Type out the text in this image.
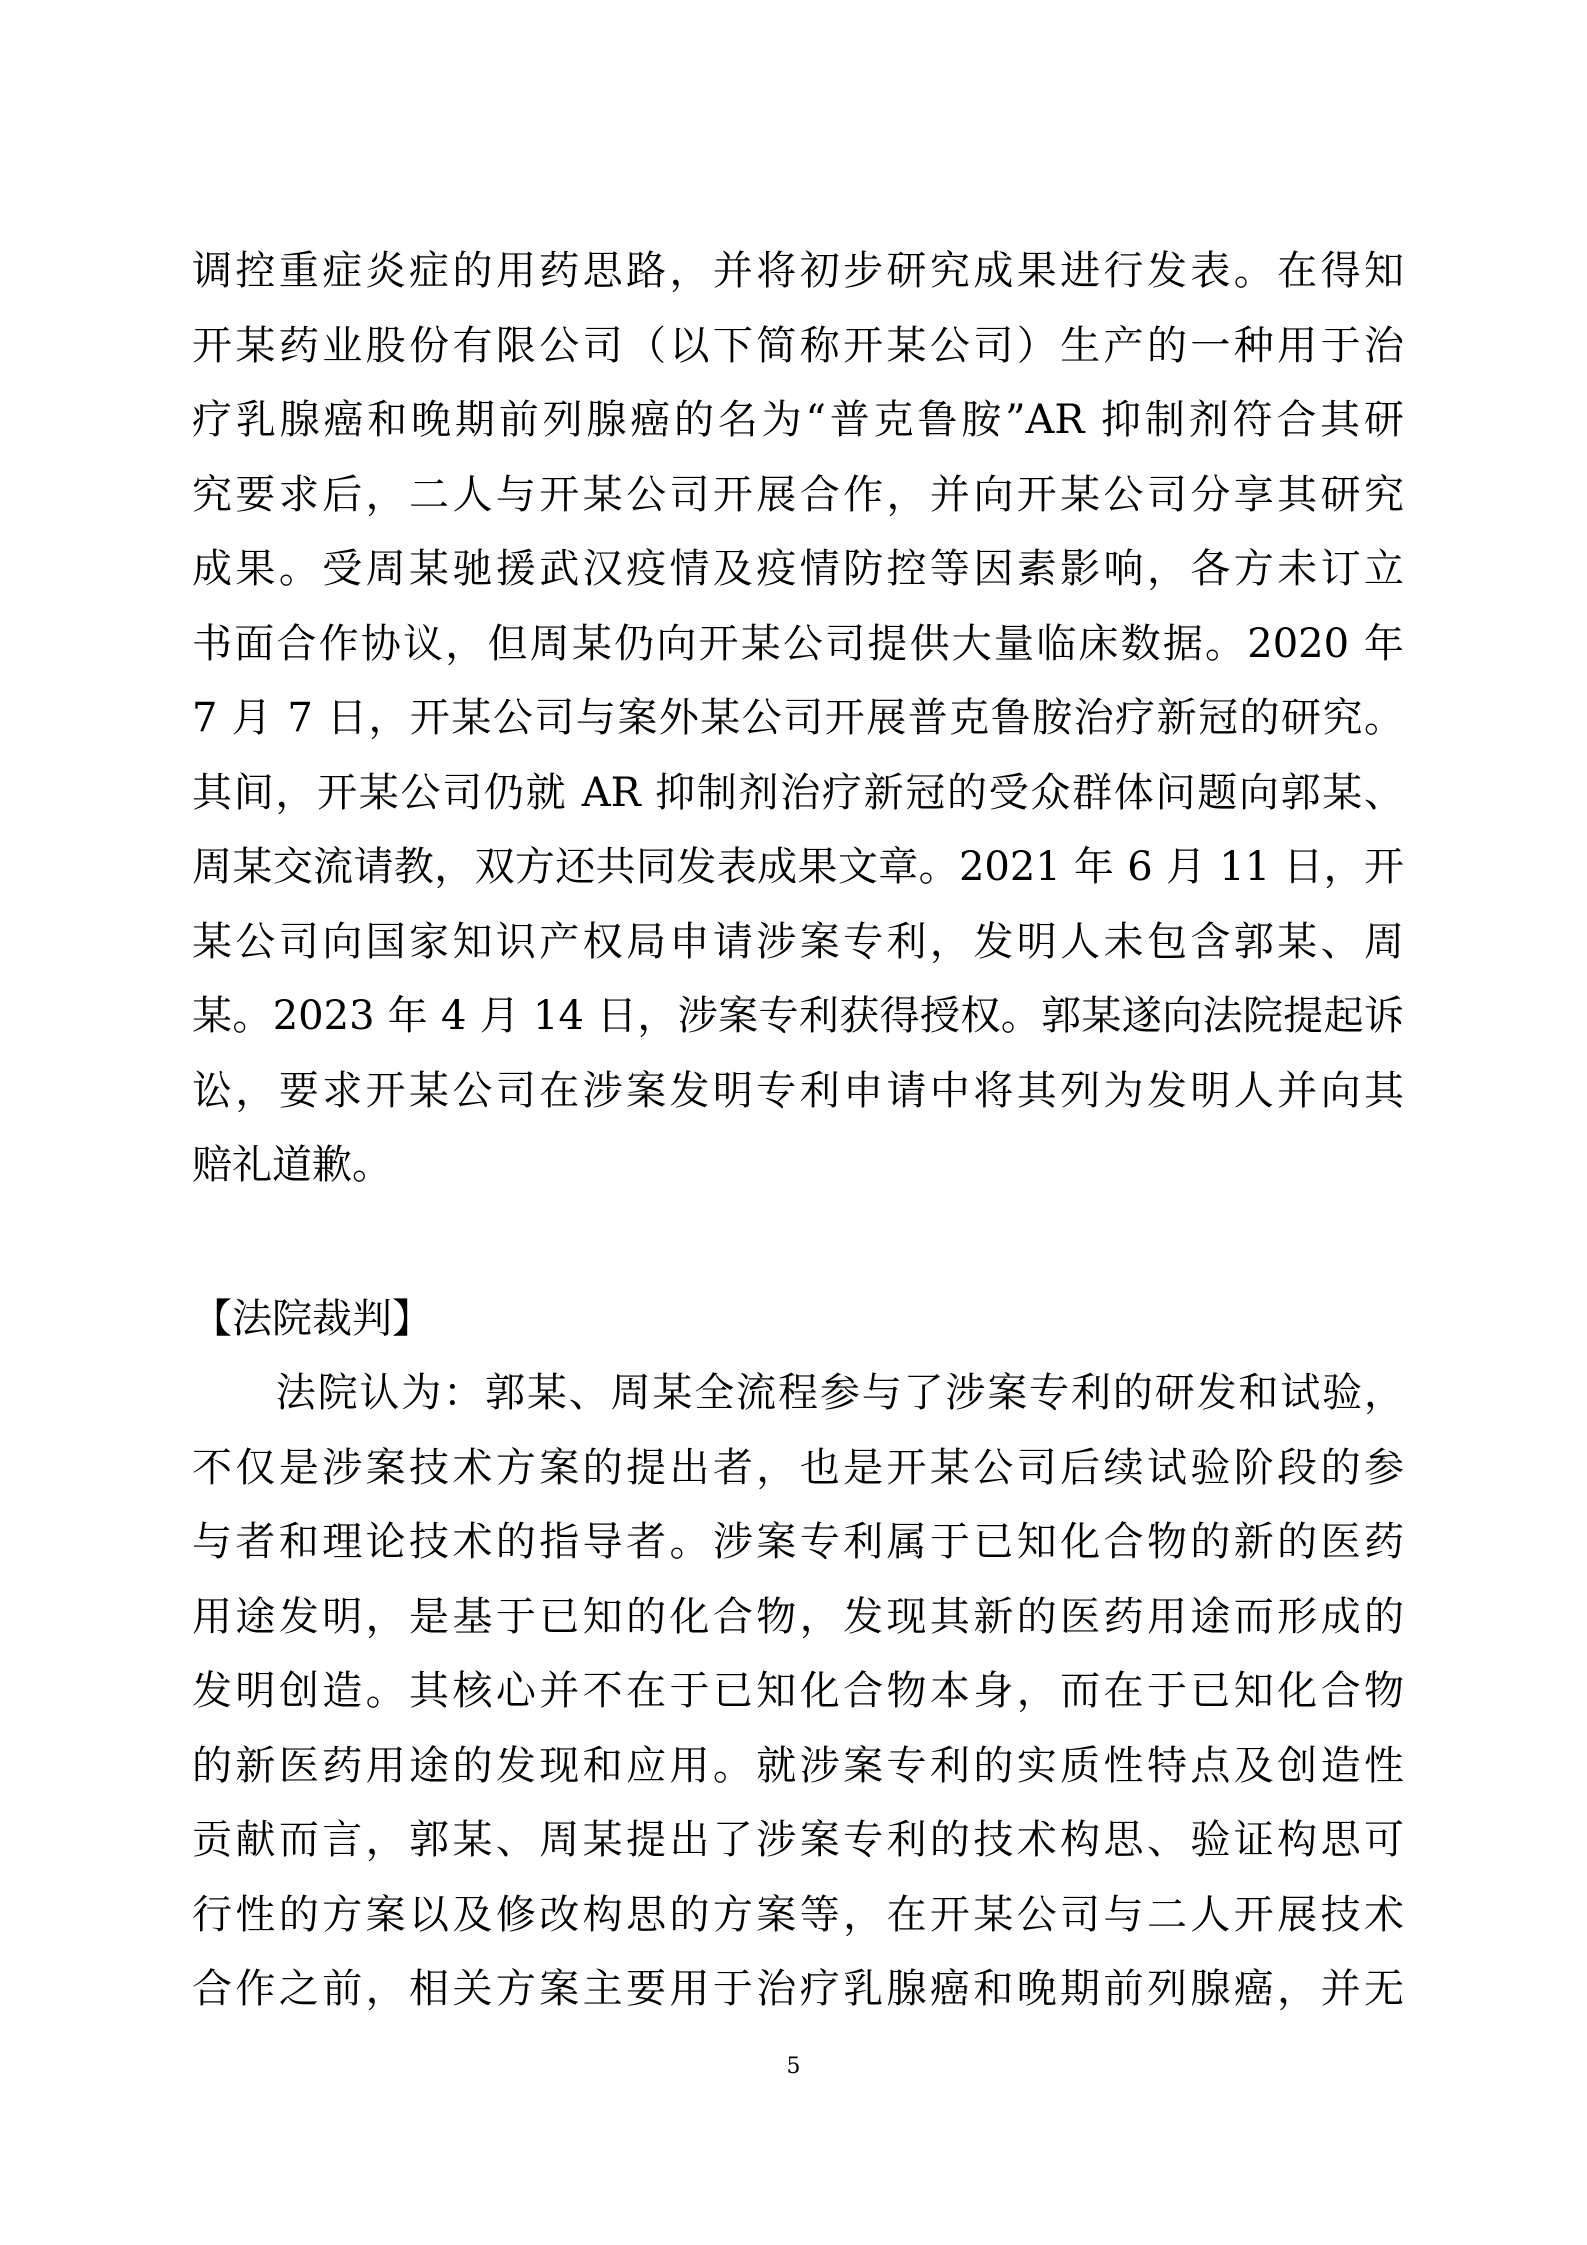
调控重症炎症的用药思路，并将初步研究成果进行发表。在得知
开某药业股份有限公司（以下简称开某公司）生产的一种用于治
疗乳腺癌和晚期前列腺癌的名为“普克鲁胺”AR 抑制剂符合其研
究要求后，二人与开某公司开展合作，并向开某公司分享其研究
成果。受周某驰援武汉疫情及疫情防控等因素影响，各方未订立
书面合作协议，但周某仍向开某公司提供大量临床数据。2020 年
7 月 7 日，开某公司与案外某公司开展普克鲁胺治疗新冠的研究。
其间，开某公司仍就 AR 抑制剂治疗新冠的受众群体问题向郭某、
周某交流请教，双方还共同发表成果文章。2021 年 6 月 11 日，开
某公司向国家知识产权局申请涉案专利，发明人未包含郭某、周
某。2023 年 4 月 14 日，涉案专利获得授权。郭某遂向法院提起诉
讼，要求开某公司在涉案发明专利申请中将其列为发明人并向其
赔礼道歉。
【法院裁判】
　　法院认为：郭某、周某全流程参与了涉案专利的研发和试验，
不仅是涉案技术方案的提出者，也是开某公司后续试验阶段的参
与者和理论技术的指导者。涉案专利属于已知化合物的新的医药
用途发明，是基于已知的化合物，发现其新的医药用途而形成的
发明创造。其核心并不在于已知化合物本身，而在于已知化合物
的新医药用途的发现和应用。就涉案专利的实质性特点及创造性
贡献而言，郭某、周某提出了涉案专利的技术构思、验证构思可
行性的方案以及修改构思的方案等，在开某公司与二人开展技术
合作之前，相关方案主要用于治疗乳腺癌和晚期前列腺癌，并无
5
